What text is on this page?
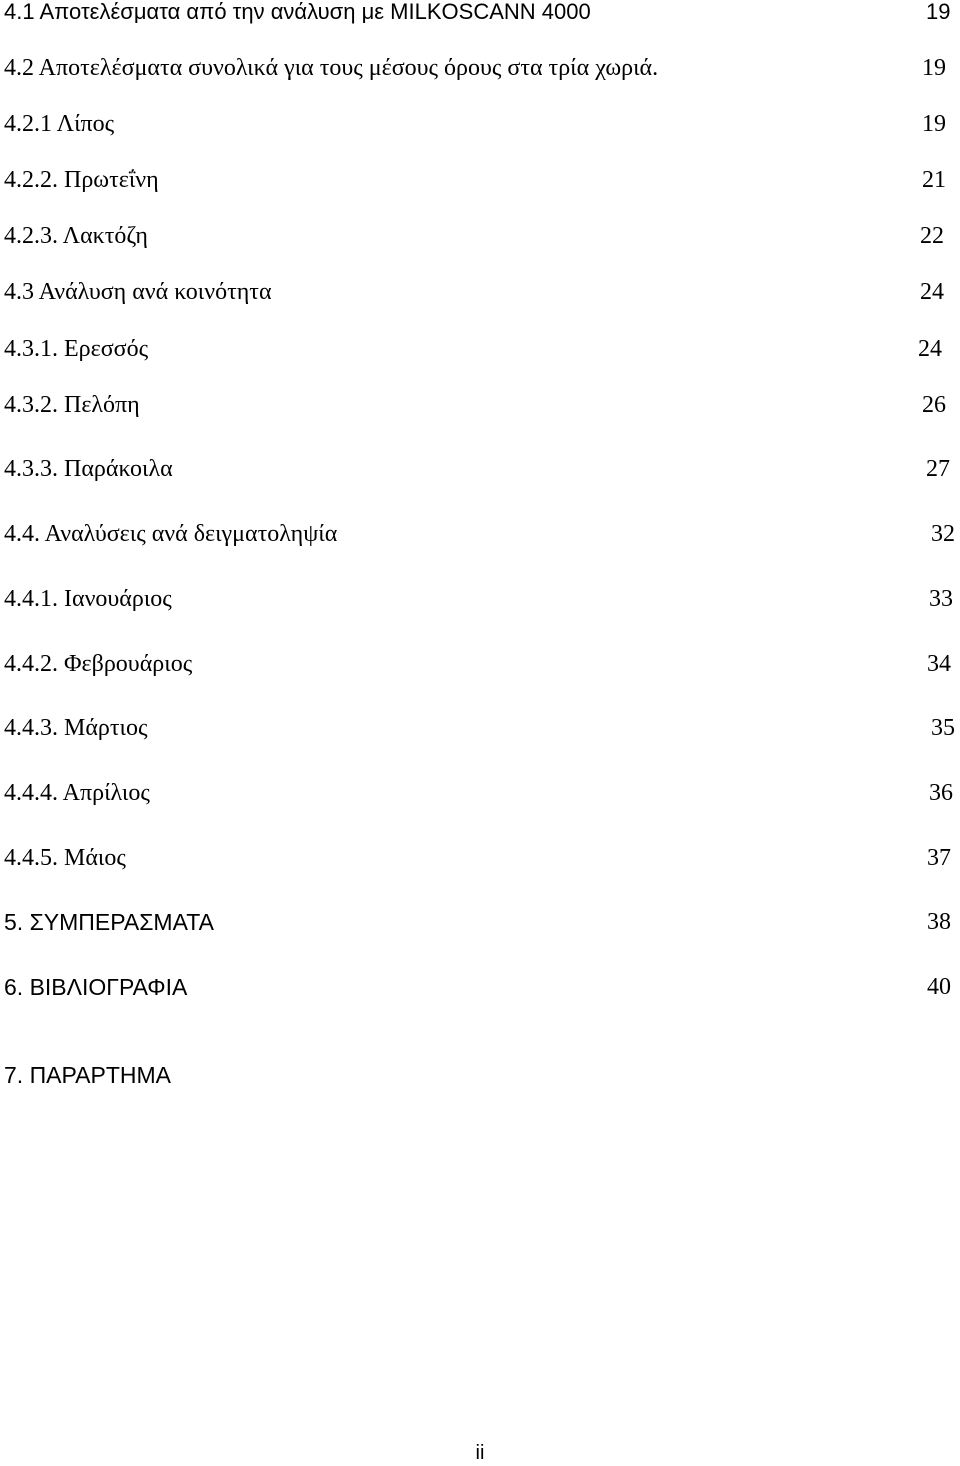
4.1 Αποτελέσματα από την ανάλυση με MILKOSCANN 4000	19
4.2 Αποτελέσματα συνολικά για τους μέσους όρους στα τρία χωριά.	19
4.2.1 Λίπος	19
4.2.2. Πρωτεΐνη	21
4.2.3. Λακτόζη	22
4.3 Ανάλυση ανά κοινότητα	24
4.3.1. Ερεσσός	24
4.3.2. Πελόπη	26
4.3.3. Παράκοιλα	27
4.4. Αναλύσεις ανά δειγματοληψία	32
4.4.1. Ιανουάριος	33
4.4.2. Φεβρουάριος	34
4.4.3. Μάρτιος	35
4.4.4. Απρίλιος	36
4.4.5. Μάιος	37
5. ΣΥΜΠΕΡΑΣΜΑΤΑ	38
6. ΒΙΒΛΙΟΓΡΑΦΙΑ	40
7. ΠΑΡΑΡΤΗΜΑ
ii
